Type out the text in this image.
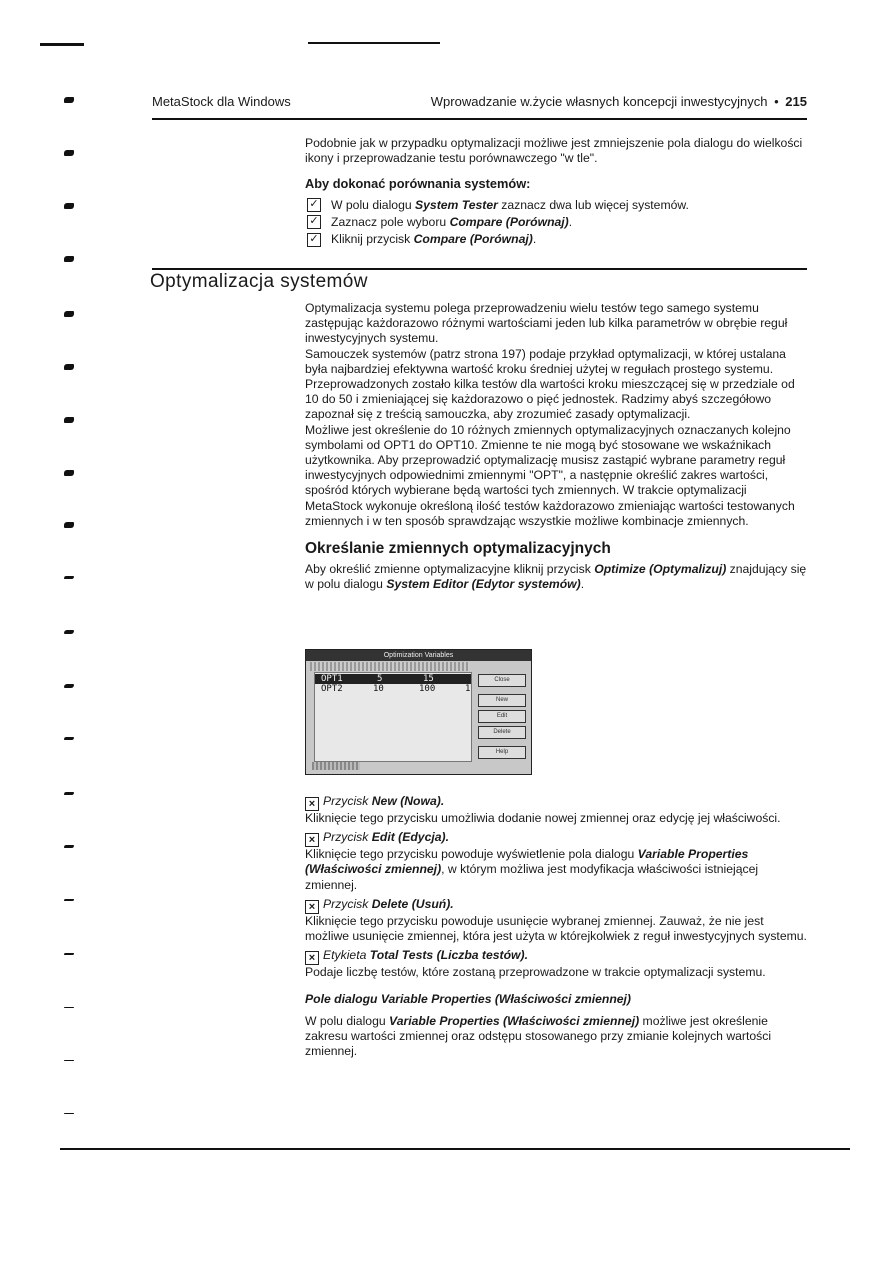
MetaStock dla Windows	Wprowadzanie w.życie własnych koncepcji inwestycyjnych • 215

Podobnie jak w przypadku optymalizacji możliwe jest zmniejszenie pola dialogu do wielkości ikony i przeprowadzanie testu porównawczego "w tle".

Aby dokonać porównania systemów:

✓ W polu dialogu System Tester zaznacz dwa lub więcej systemów.
✓ Zaznacz pole wyboru Compare (Porównaj).
✓ Kliknij przycisk Compare (Porównaj).
Optymalizacja systemów

Optymalizacja systemu polega przeprowadzeniu wielu testów tego samego systemu zastępując każdorazowo różnymi wartościami jeden lub kilka parametrów w obrębie reguł inwestycyjnych systemu.

Samouczek systemów (patrz strona 197) podaje przykład optymalizacji, w której ustalana była najbardziej efektywna wartość kroku średniej użytej w regułach prostego systemu. Przeprowadzonych zostało kilka testów dla wartości kroku mieszczącej się w przedziale od 10 do 50 i zmieniającej się każdorazowo o pięć jednostek. Radzimy abyś szczegółowo zapoznał się z treścią samouczka, aby zrozumieć zasady optymalizacji.

Możliwe jest określenie do 10 różnych zmiennych optymalizacyjnych oznaczanych kolejno symbolami od OPT1 do OPT10. Zmienne te nie mogą być stosowane we wskaźnikach użytkownika. Aby przeprowadzić optymalizację musisz zastąpić wybrane parametry reguł inwestycyjnych odpowiednimi zmiennymi "OPT", a następnie określić zakres wartości, spośród których wybierane będą wartości tych zmiennych. W trakcie optymalizacji MetaStock wykonuje określoną ilość testów każdorazowo zmieniając wartości testowanych zmiennych i w ten sposób sprawdzając wszystkie możliwe kombinacje zmiennych.

Określanie zmiennych optymalizacyjnych

Aby określić zmienne optymalizacyjne kliknij przycisk Optimize (Optymalizuj) znajdujący się w polu dialogu System Editor (Edytor systemów).

Optimization Variables
OPT1	5	15
OPT2	10	100	1
Close
New
Edit
Delete
Help
× Przycisk New (Nowa).

Kliknięcie tego przycisku umożliwia dodanie nowej zmiennej oraz edycję jej właściwości.

× Przycisk Edit (Edycja).

Kliknięcie tego przycisku powoduje wyświetlenie pola dialogu Variable Properties (Właściwości zmiennej), w którym możliwa jest modyfikacja właściwości istniejącej zmiennej.

× Przycisk Delete (Usuń).

Kliknięcie tego przycisku powoduje usunięcie wybranej zmiennej. Zauważ, że nie jest możliwe usunięcie zmiennej, która jest użyta w którejkolwiek z reguł inwestycyjnych systemu.

× Etykieta Total Tests (Liczba testów).

Podaje liczbę testów, które zostaną przeprowadzone w trakcie optymalizacji systemu.

Pole dialogu Variable Properties (Właściwości zmiennej)

W polu dialogu Variable Properties (Właściwości zmiennej) możliwe jest określenie zakresu wartości zmiennej oraz odstępu stosowanego przy zmianie kolejnych wartości zmiennej.
